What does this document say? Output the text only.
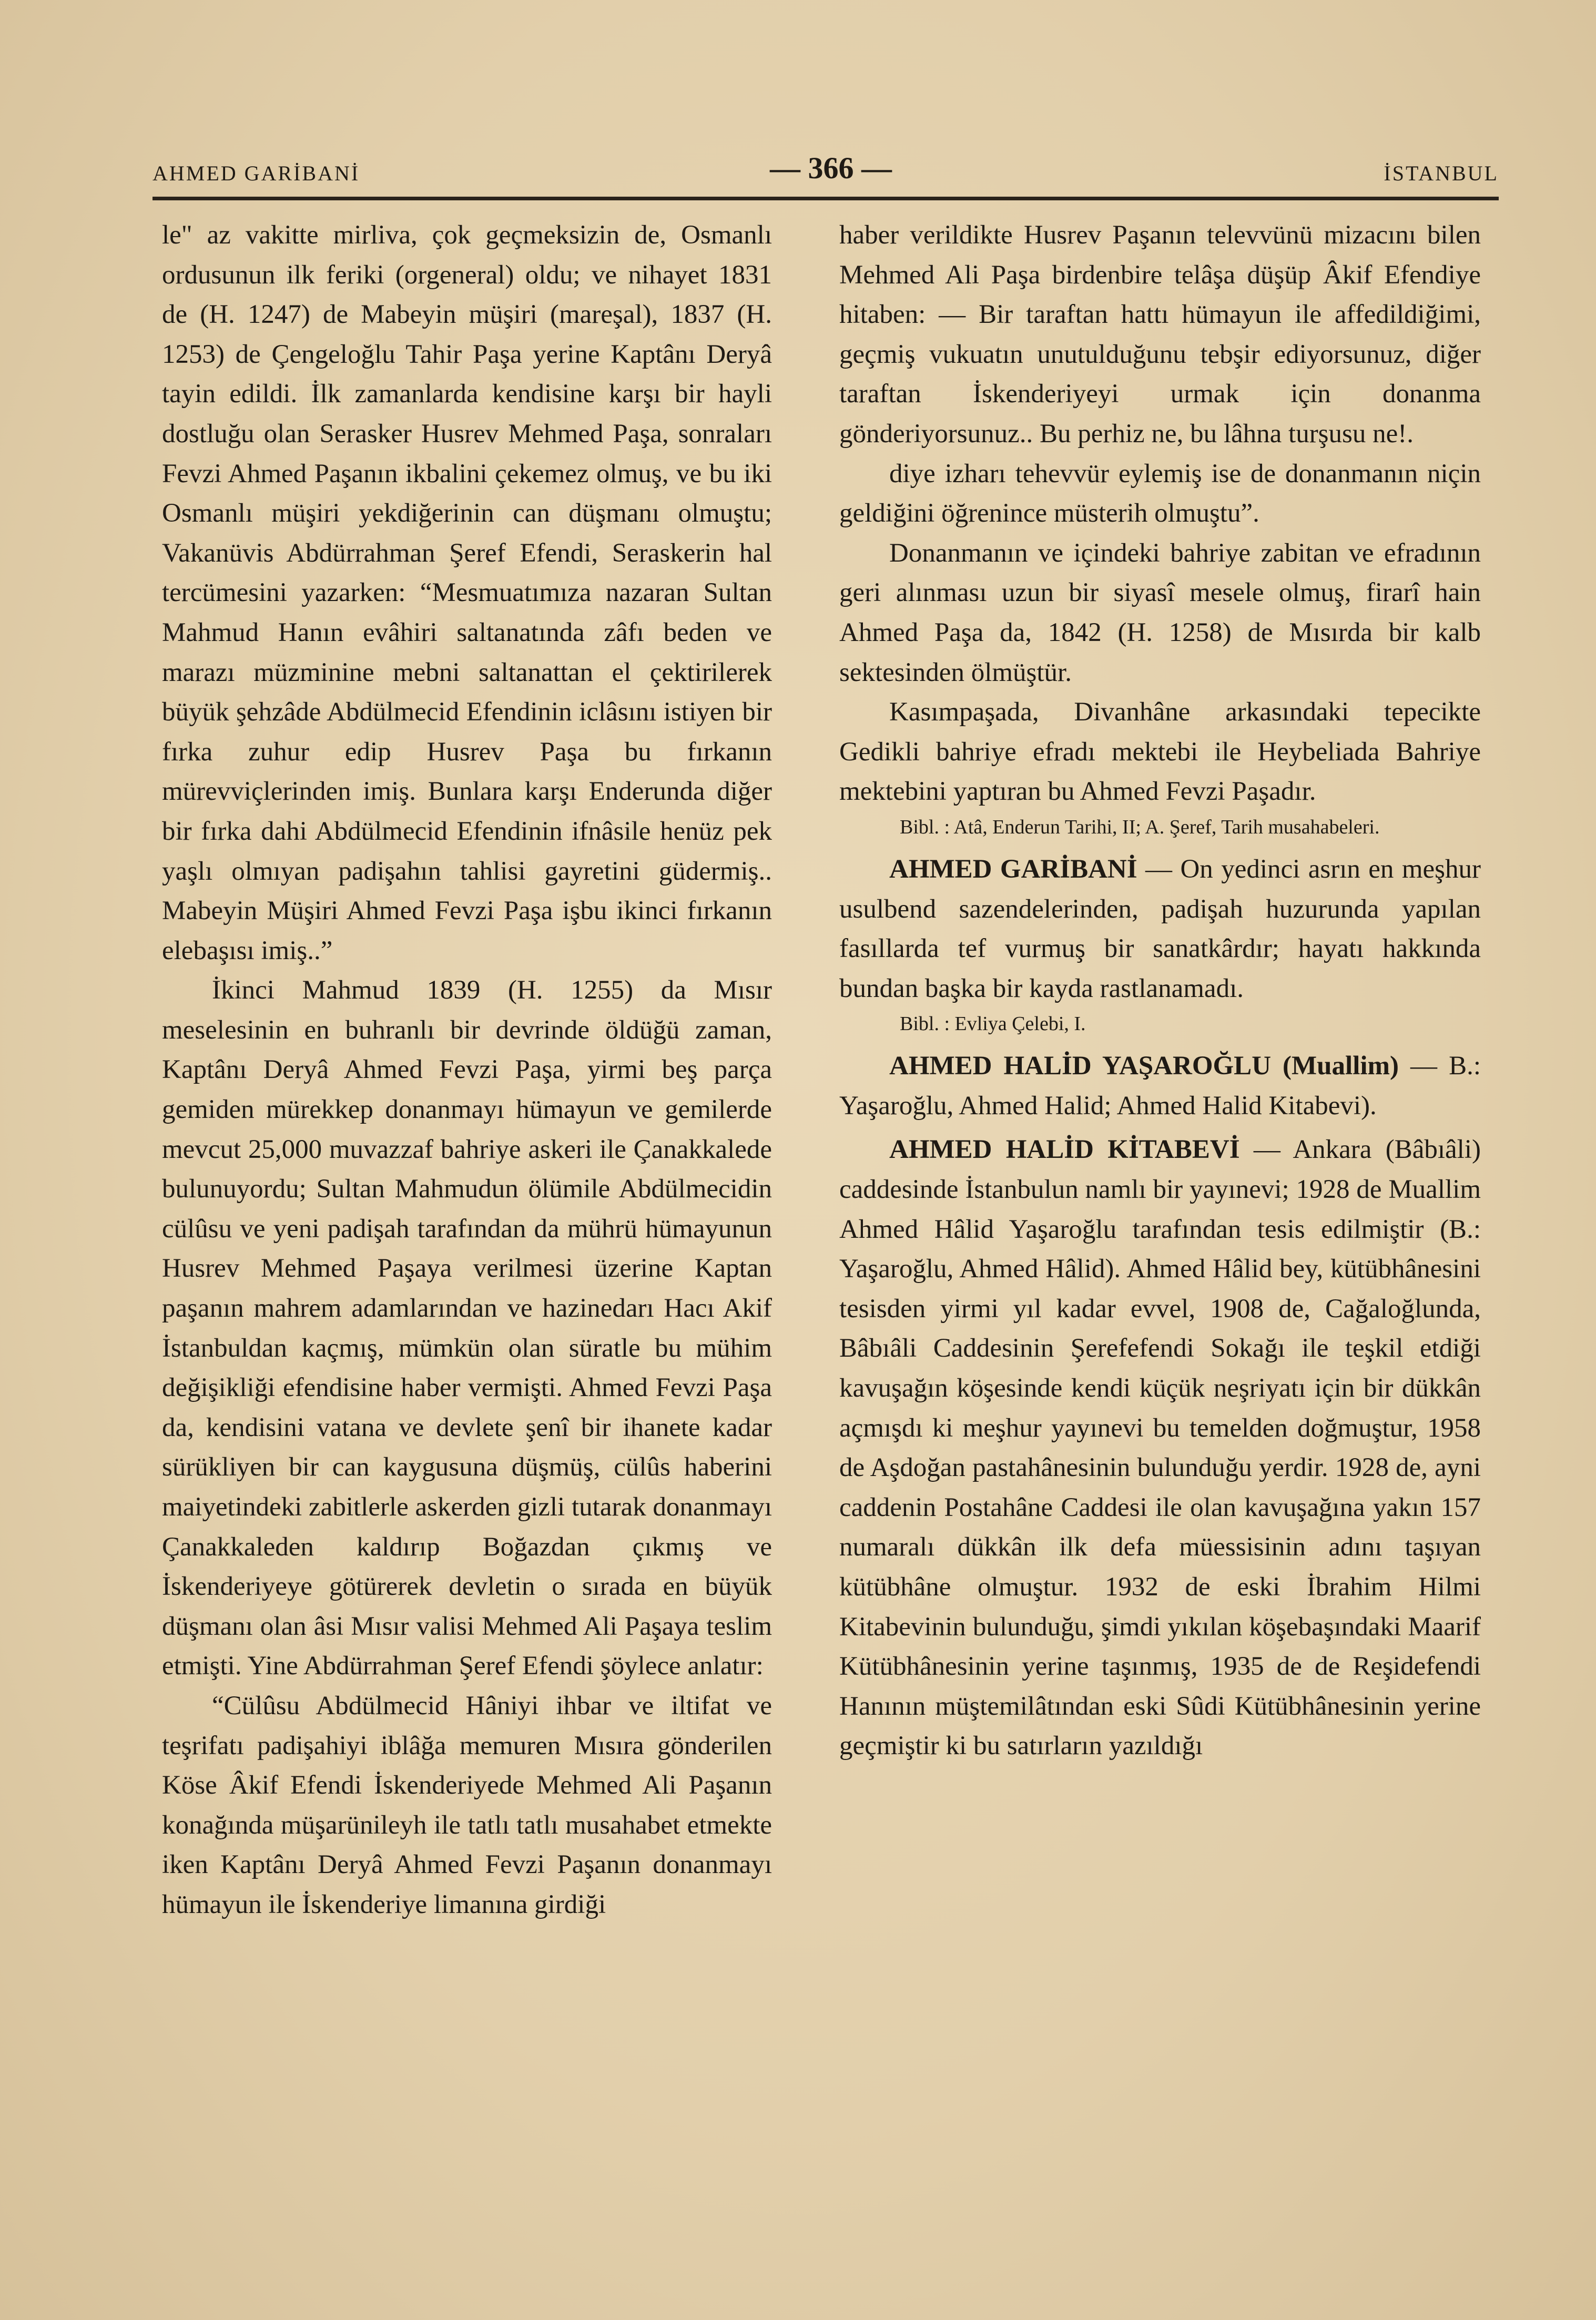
AHMED GARİBANİ	— 366 —	İSTANBUL

le" az vakitte mirliva, çok geçmeksizin de, Osmanlı ordusunun ilk feriki (orgeneral) oldu; ve nihayet 1831 de (H. 1247) de Mabeyin müşiri (mareşal), 1837 (H. 1253) de Çengeloğlu Tahir Paşa yerine Kaptânı Deryâ tayin edildi. İlk zamanlarda kendisine karşı bir hayli dostluğu olan Serasker Husrev Mehmed Paşa, sonraları Fevzi Ahmed Paşanın ikbalini çekemez olmuş, ve bu iki Osmanlı müşiri yekdiğerinin can düşmanı olmuştu; Vakanüvis Abdürrahman Şeref Efendi, Seraskerin hal tercümesini yazarken: “Mesmuatımıza nazaran Sultan Mahmud Hanın evâhiri saltanatında zâfı beden ve marazı müzminine mebni saltanattan el çektirilerek büyük şehzâde Abdülmecid Efendinin iclâsını istiyen bir fırka zuhur edip Husrev Paşa bu fırkanın mürevviçlerinden imiş. Bunlara karşı Enderunda diğer bir fırka dahi Abdülmecid Efendinin ifnâsile henüz pek yaşlı olmıyan padişahın tahlisi gayretini güdermiş.. Mabeyin Müşiri Ahmed Fevzi Paşa işbu ikinci fırkanın elebaşısı imiş..”

İkinci Mahmud 1839 (H. 1255) da Mısır meselesinin en buhranlı bir devrinde öldüğü zaman, Kaptânı Deryâ Ahmed Fevzi Paşa, yirmi beş parça gemiden mürekkep donanmayı hümayun ve gemilerde mevcut 25,000 muvazzaf bahriye askeri ile Çanakkalede bulunuyordu; Sultan Mahmudun ölümile Abdülmecidin cülûsu ve yeni padişah tarafından da mührü hümayunun Husrev Mehmed Paşaya verilmesi üzerine Kaptan paşanın mahrem adamlarından ve hazinedarı Hacı Akif İstanbuldan kaçmış, mümkün olan süratle bu mühim değişikliği efendisine haber vermişti. Ahmed Fevzi Paşa da, kendisini vatana ve devlete şenî bir ihanete kadar sürükliyen bir can kaygusuna düşmüş, cülûs haberini maiyetindeki zabitlerle askerden gizli tutarak donanmayı Çanakkaleden kaldırıp Boğazdan çıkmış ve İskenderiyeye götürerek devletin o sırada en büyük düşmanı olan âsi Mısır valisi Mehmed Ali Paşaya teslim etmişti. Yine Abdürrahman Şeref Efendi şöylece anlatır:

“Cülûsu Abdülmecid Hâniyi ihbar ve iltifat ve teşrifatı padişahiyi iblâğa memuren Mısıra gönderilen Köse Âkif Efendi İskenderiyede Mehmed Ali Paşanın konağında müşarünileyh ile tatlı tatlı musahabet etmekte iken Kaptânı Deryâ Ahmed Fevzi Paşanın donanmayı hümayun ile İskenderiye limanına girdiği

haber verildikte Husrev Paşanın televvünü mizacını bilen Mehmed Ali Paşa birdenbire telâşa düşüp Âkif Efendiye hitaben: — Bir taraftan hattı hümayun ile affedildiğimi, geçmiş vukuatın unutulduğunu tebşir ediyorsunuz, diğer taraftan İskenderiyeyi urmak için donanma gönderiyorsunuz.. Bu perhiz ne, bu lâhna turşusu ne!.

diye izharı tehevvür eylemiş ise de donanmanın niçin geldiğini öğrenince müsterih olmuştu”.

Donanmanın ve içindeki bahriye zabitan ve efradının geri alınması uzun bir siyasî mesele olmuş, firarî hain Ahmed Paşa da, 1842 (H. 1258) de Mısırda bir kalb sektesinden ölmüştür.

Kasımpaşada, Divanhâne arkasındaki tepecikte Gedikli bahriye efradı mektebi ile Heybeliada Bahriye mektebini yaptıran bu Ahmed Fevzi Paşadır.

Bibl. : Atâ, Enderun Tarihi, II; A. Şeref, Tarih musahabeleri.

AHMED GARİBANİ — On yedinci asrın en meşhur usulbend sazendelerinden, padişah huzurunda yapılan fasıllarda tef vurmuş bir sanatkârdır; hayatı hakkında bundan başka bir kayda rastlanamadı.

Bibl. : Evliya Çelebi, I.

AHMED HALİD YAŞAROĞLU (Muallim) — B.: Yaşaroğlu, Ahmed Halid; Ahmed Halid Kitabevi).

AHMED HALİD KİTABEVİ — Ankara (Bâbıâli) caddesinde İstanbulun namlı bir yayınevi; 1928 de Muallim Ahmed Hâlid Yaşaroğlu tarafından tesis edilmiştir (B.: Yaşaroğlu, Ahmed Hâlid). Ahmed Hâlid bey, kütübhânesini tesisden yirmi yıl kadar evvel, 1908 de, Cağaloğlunda, Bâbıâli Caddesinin Şerefefendi Sokağı ile teşkil etdiği kavuşağın köşesinde kendi küçük neşriyatı için bir dükkân açmışdı ki meşhur yayınevi bu temelden doğmuştur, 1958 de Aşdoğan pastahânesinin bulunduğu yerdir. 1928 de, ayni caddenin Postahâne Caddesi ile olan kavuşağına yakın 157 numaralı dükkân ilk defa müessisinin adını taşıyan kütübhâne olmuştur. 1932 de eski İbrahim Hilmi Kitabevinin bulunduğu, şimdi yıkılan köşebaşındaki Maarif Kütübhânesinin yerine taşınmış, 1935 de de Reşidefendi Hanının müştemilâtından eski Sûdi Kütübhânesinin yerine geçmiştir ki bu satırların yazıldığı
